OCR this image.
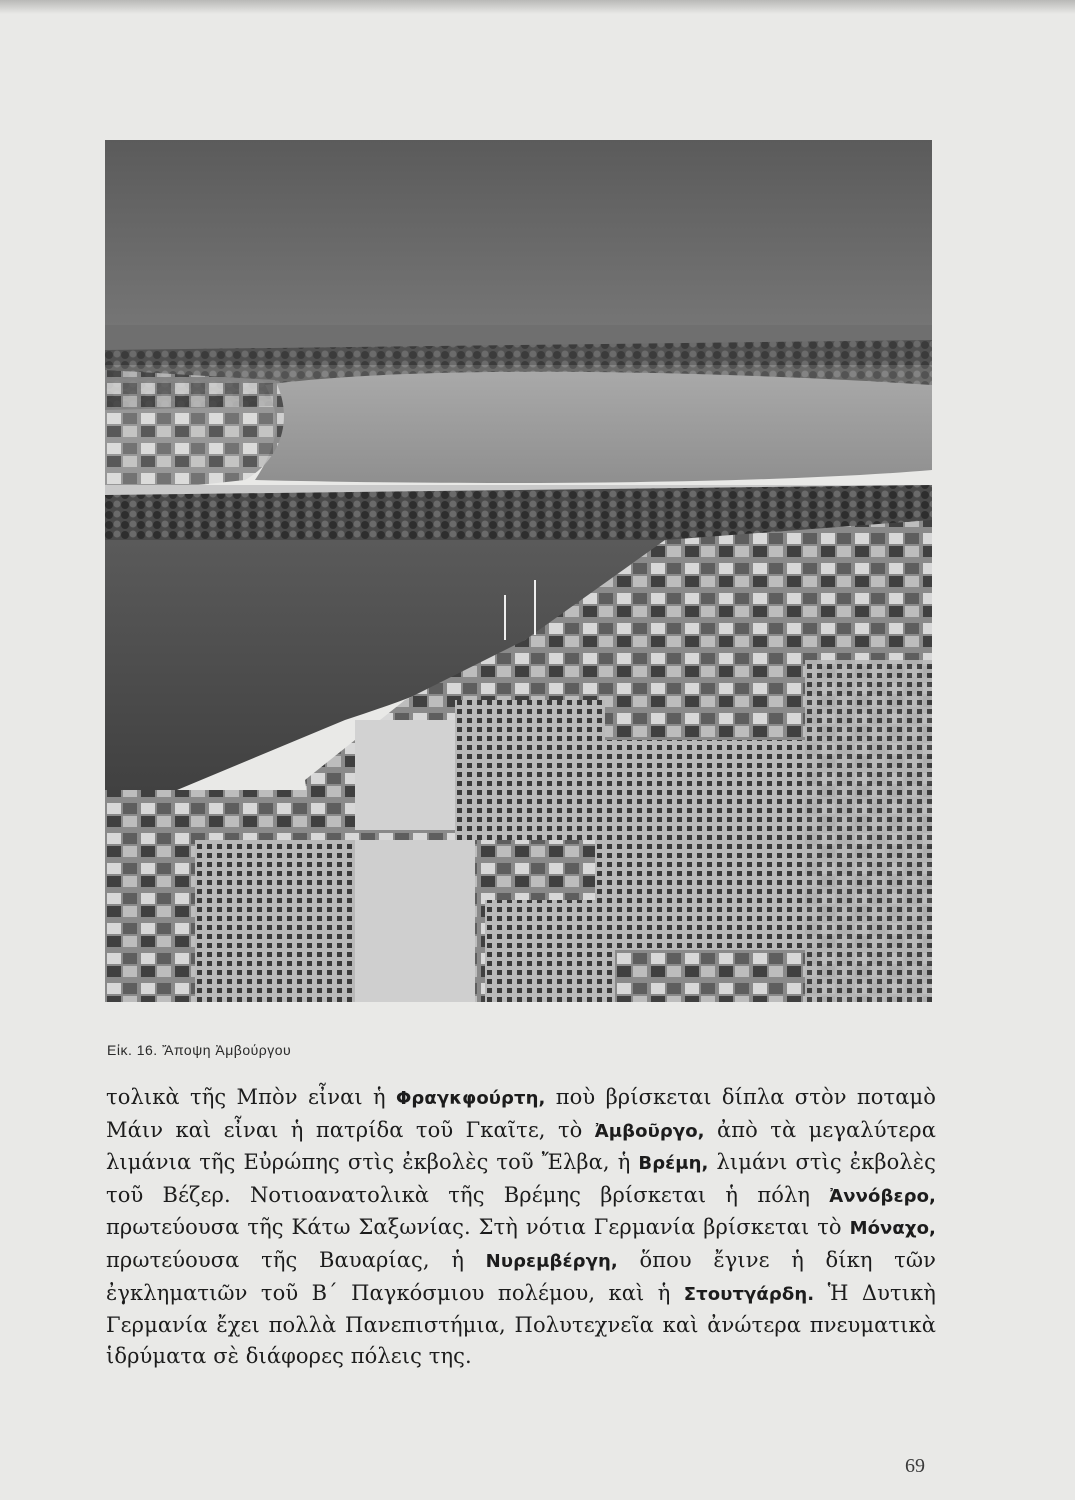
Εἰκ. 16. Ἄποψη Ἀμβούργου
τολικὰ τῆς Μπὸν εἶναι ἡ Φραγκφούρτη, ποὺ βρίσκεται δίπλα στὸν ποταμὸ Μάιν καὶ εἶναι ἡ πατρίδα τοῦ Γκαῖτε, τὸ Ἀμβοῦργο, ἀπὸ τὰ μεγαλύτερα λιμάνια τῆς Εὐρώπης στὶς ἐκβολὲς τοῦ Ἔλβα, ἡ Βρέμη, λιμάνι στὶς ἐκβολὲς τοῦ Βέζερ. Νοτιοανατολικὰ τῆς Βρέμης βρίσκεται ἡ πόλη Ἀννόβερο, πρωτεύουσα τῆς Κάτω Σαξωνίας. Στὴ νότια Γερμανία βρίσκεται τὸ Μόναχο, πρωτεύουσα τῆς Βαυαρίας, ἡ Νυρεμβέργη, ὅπου ἔγινε ἡ δίκη τῶν ἐγκληματιῶν τοῦ Β΄ Παγκόσμιου πολέμου, καὶ ἡ Στουτγάρδη. Ἡ Δυτικὴ Γερμανία ἔχει πολλὰ Πανεπιστήμια, Πολυτεχνεῖα καὶ ἀνώτερα πνευματικὰ ἱδρύματα σὲ διάφορες πόλεις της.
69
